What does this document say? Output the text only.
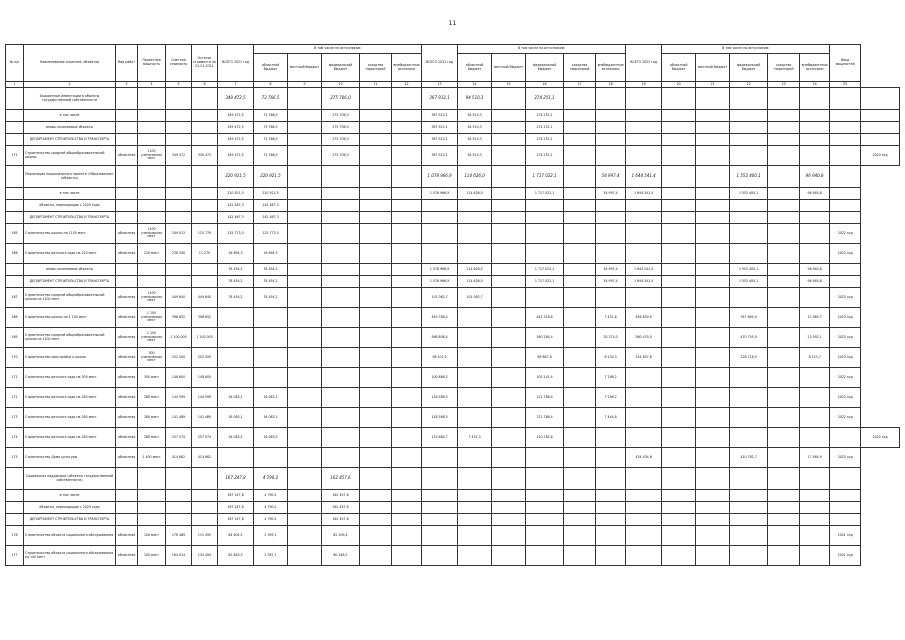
11
№ п/п	Наименование отраслей, объектов	Вид работ	Проектная мощность	Сметная стоимость	Остаток стоимости на 01.01.2021	ВСЕГО 2021 год	В том числе по источникам:					ВСЕГО 2022 год	В том числе по источникам:					ВСЕГО 2023 год	В том числе по источникам:					Ввод мощностей	
							областной бюджет	местный бюджет	федеральный бюджет	средства территорий	внебюджетные источники		областной бюджет	местный бюджет	федеральный бюджет	средства территорий	внебюджетные источники		областной бюджет	местный бюджет	федеральный бюджет	средства территорий	внебюджетные источники		
1	2	3	4	5	6	7	8	9	10	11	12	13	14	15	16	17	18	19	20	21	22	23	24	25	
	Бюджетные инвестиции в объекты государственной собственности					349 472,5	73 766,5		275 706,0			367 912,1	94 510,3		274 251,1										
	в том числе					349 472,5	73 766,5		275 706,0			367 912,1	94 510,3		274 251,1										
	вновь начинаемые объекты					349 472,5	73 766,5		275 706,0			367 912,1	94 510,3		274 251,1										
	ДЕПАРТАМЕНТ СТРОИТЕЛЬСТВА И ТРАНСПОРТА					349 472,5	73 766,5		275 706,0			367 912,1	94 510,3		274 251,1										
171	Строительство средней общеобразовательной школы	областная	1100 ученических мест	349 472	349 472	349 472,5	73 766,5		275 706,0			367 912,1	94 510,3		274 251,1										2024 год
	Реализация национального проекта «Образование» (объекты)					220 921,5	220 921,5					1 078 966,9	114 626,0		1 717 022,1		54 997,4	1 644 541,4			1 552 400,1		96 940,8		
	в том числе					220 921,5	220 921,5					1 078 966,9	114 626,0		1 717 022,1		54 997,4	1 644 541,4			1 552 400,1		96 940,8		
	объекты, переходящие с 2020 года					142 467,3	142 467,3																		
	ДЕПАРТАМЕНТ СТРОИТЕЛЬСТВА И ТРАНСПОРТА					142 467,3	142 467,3																		
165	Строительство школы на 1100 мест	областная	1100 ученических мест	249 013	125 776	125 773,0	125 773,0																	2022 год	
166	Строительство детского сада на 220 мест	областная	220 мест	236 340	11 270	16 694,3	16 694,3																	2022 год	
	вновь начинаемые объекты					78 454,2	78 454,2					1 078 966,9	114 626,0		1 717 022,1		54 997,4	1 644 541,4			1 552 400,1		96 940,8		
	ДЕПАРТАМЕНТ СТРОИТЕЛЬСТВА И ТРАНСПОРТА					78 454,2	78 454,2					1 078 966,9	114 626,0		1 717 022,1		54 997,4	1 644 541,4			1 552 400,1		96 940,8		
167	Строительство средней общеобразовательной школы на 1100 мест	областная	1100 ученических мест	449 640	449 640	78 454,2	78 454,2					101 062,7	101 062,7											2023 год	
168	Строительство школы на 1 100 мест	областная	1 100 ученических мест	398 652	398 652							449 768,4			442 316,6		7 451,8	458 630,9			357 894,0		11 980,7	2023 год	
169	Строительство средней общеобразовательной школы на 1100 мест	областная	1 100 ученических мест	1 100 000	1 100 000							566 808,4			560 284,4		20 274,0	560 433,0			470 755,0		23 592,1	2023 год	
170	Строительство пристройки к школе	областная	300 ученических мест	252 000	252 000							98 101,9			89 867,6		8 234,3	254 657,6			226 718,5		8 123,7	2023 год	
171	Строительство детского сада на 300 мест	областная	300 мест	148 600	148 600							100 888,2			103 141,4		7 298,2							2022 год	
172	Строительство детского сада на 280 мест	областная	280 мест	144 599	144 599	16 083,1	16 083,1					118 568,5			121 788,4		7 298,2							2022 год	
173	Строительство детского сада на 280 мест	областная	280 мест	141 489	141 489	16 083,1	16 083,1					118 568,5			121 788,4		7 444,8							2022 год	
174	Строительство детского сада на 280 мест	областная	280 мест	257 574	257 574	16 083,5	16 083,5					125 684,7	7 431,3		120 782,8										2022 год
175	Строительство Дома культуры	областная	1 400 мест	414 662	414 662													434 434,6			410 782,7		17 464,9	2023 год	
	Социальная поддержка (объекты государственной собственности)					167 247,8	4 790,2		162 457,6																
	в том числе					167 247,8	4 790,2		162 457,6																
	объекты, переходящие с 2020 года					167 247,8	4 790,2		162 457,6																
	ДЕПАРТАМЕНТ СТРОИТЕЛЬСТВА И ТРАНСПОРТА					167 247,8	4 790,2		162 457,6																
176	Строительство объекта социального обслуживания	областная	100 мест	176 489	131 495	84 602,5	2 393,1		82 209,4															2021 год	
177	Строительство объекта социального обслуживания на 100 мест	областная	100 мест	164 014	134 494	82 645,3	2 397,1		80 248,2															2021 год	
